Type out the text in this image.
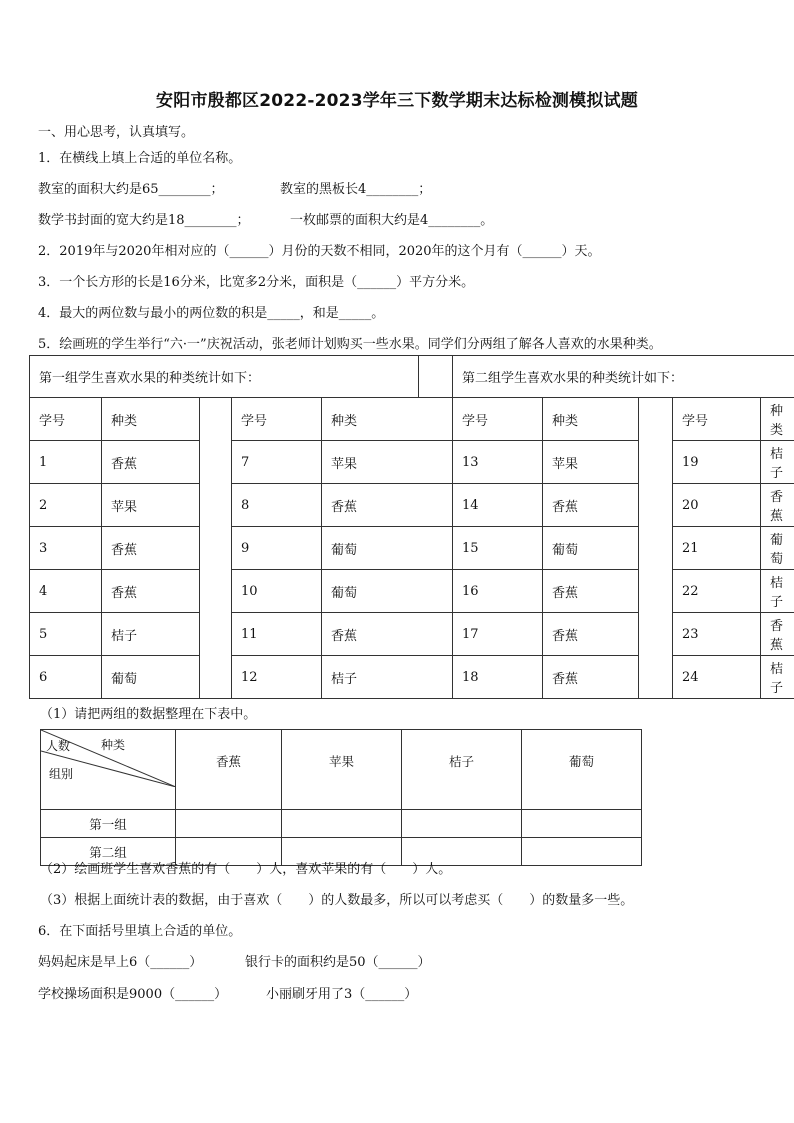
安阳市殷都区2022-2023学年三下数学期末达标检测模拟试题
一、用心思考，认真填写。
1．在横线上填上合适的单位名称。
教室的面积大约是65________；	教室的黑板长4________；
数学书封面的宽大约是18________；	一枚邮票的面积大约是4________。
2．2019年与2020年相对应的（______）月份的天数不相同，2020年的这个月有（______）天。
3．一个长方形的长是16分米，比宽多2分米，面积是（______）平方分米。
4．最大的两位数与最小的两位数的积是_____，和是_____。
5．绘画班的学生举行“六·一”庆祝活动，张老师计划购买一些水果。同学们分两组了解各人喜欢的水果种类。
第一组学生喜欢水果的种类统计如下：						第二组学生喜欢水果的种类统计如下：				
学号	种类		学号	种类		学号	种类		学号	种类
1	香蕉		7	苹果		13	苹果		19	桔子
2	苹果		8	香蕉		14	香蕉		20	香蕉
3	香蕉		9	葡萄		15	葡萄		21	葡萄
4	香蕉		10	葡萄		16	香蕉		22	桔子
5	桔子		11	香蕉		17	香蕉		23	香蕉
6	葡萄		12	桔子		18	香蕉		24	桔子
（1）请把两组的数据整理在下表中。
人数 种类
组别	香蕉	苹果	桔子	葡萄
第一组				
第二组				
（2）绘画班学生喜欢香蕉的有（　　）人，喜欢苹果的有（　　）人。
（3）根据上面统计表的数据，由于喜欢（　　）的人数最多，所以可以考虑买（　　）的数量多一些。
6．在下面括号里填上合适的单位。
妈妈起床是早上6（______）	银行卡的面积约是50（______）
学校操场面积是9000（______）	小丽刷牙用了3（______）
